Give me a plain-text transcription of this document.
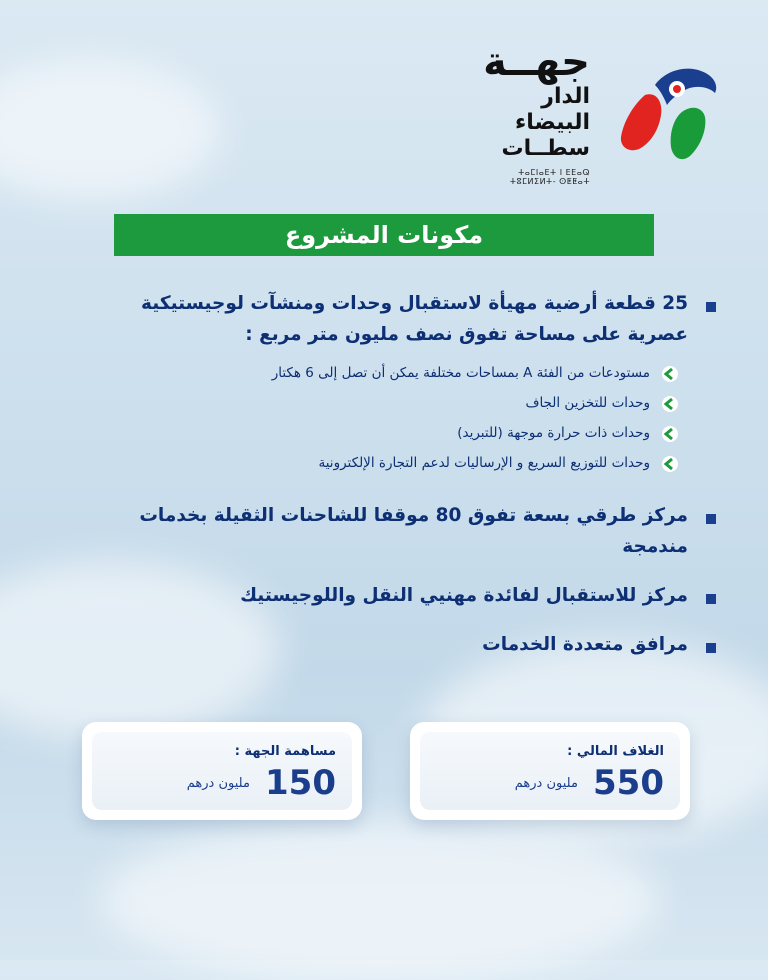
جهــة
الدار البيضاء
سطــات
ⵜⴰⵎⵏⴰⴹⵜ ⵏ ⴹⴹⴰⵕ ⵜⵓⵎⵍⵉⵍⵜ- ⵙⵟⵟⴰⵜ
مكونات المشروع
25 قطعة أرضية مهيأة لاستقبال وحدات ومنشآت لوجيستيكية عصرية على مساحة تفوق نصف مليون متر مربع :
مستودعات من الفئة A بمساحات مختلفة يمكن أن تصل إلى 6 هكتار
وحدات للتخزين الجاف
وحدات ذات حرارة موجهة (للتبريد)
وحدات للتوزيع السريع و الإرساليات لدعم التجارة الإلكترونية
مركز طرقي بسعة تفوق 80 موقفا للشاحنات الثقيلة بخدمات مندمجة
مركز للاستقبال لفائدة مهنيي النقل واللوجيستيك
مرافق متعددة الخدمات
الغلاف المالي :
550 مليون درهم
مساهمة الجهة :
150 مليون درهم
